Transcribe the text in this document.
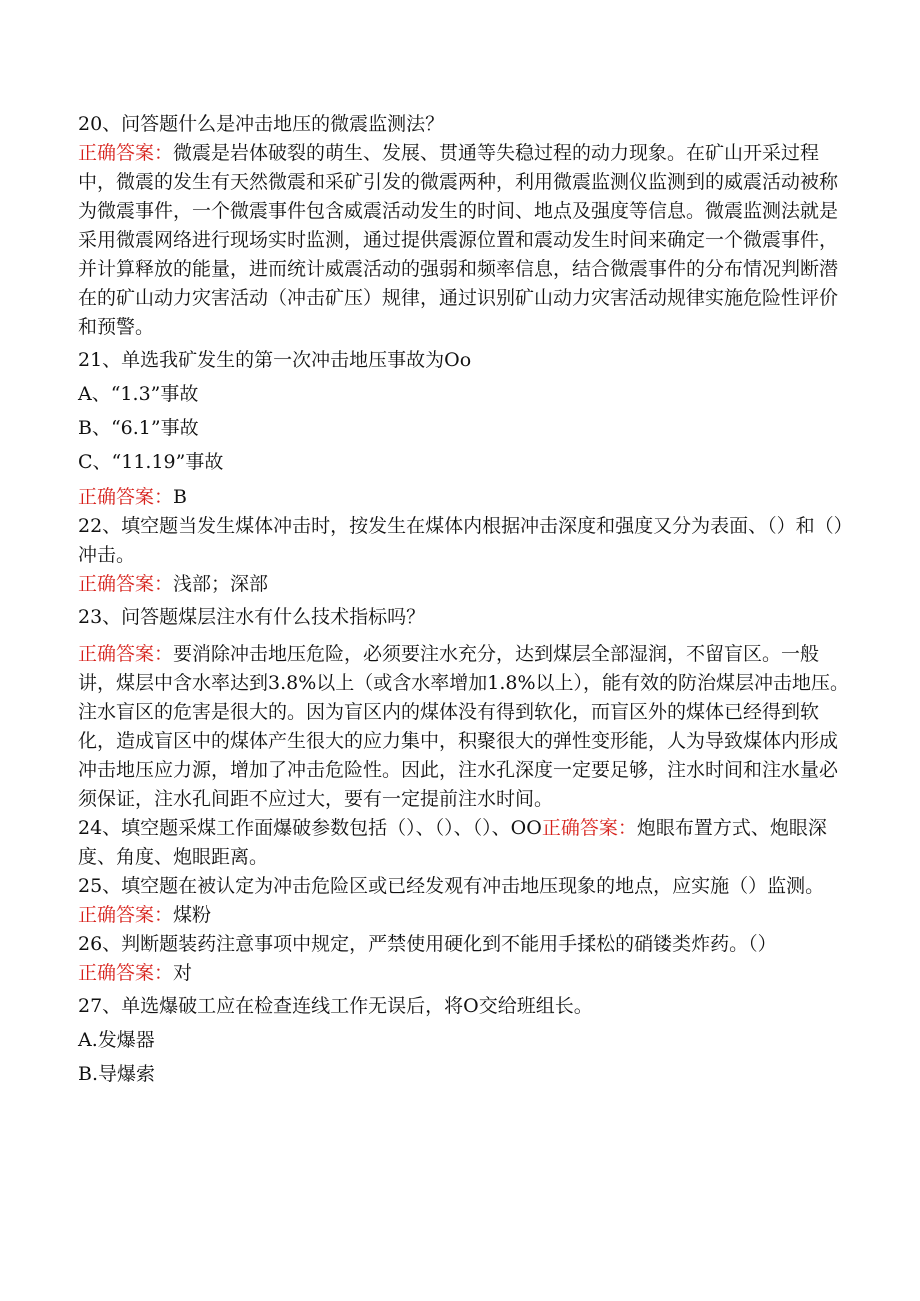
20、问答题什么是冲击地压的微震监测法？

正确答案：微震是岩体破裂的萌生、发展、贯通等失稳过程的动力现象。在矿山开采过程中，微震的发生有天然微震和采矿引发的微震两种，利用微震监测仪监测到的威震活动被称为微震事件，一个微震事件包含威震活动发生的时间、地点及强度等信息。微震监测法就是采用微震网络进行现场实时监测，通过提供震源位置和震动发生时间来确定一个微震事件，并计算释放的能量，进而统计威震活动的强弱和频率信息，结合微震事件的分布情况判断潜在的矿山动力灾害活动（冲击矿压）规律，通过识别矿山动力灾害活动规律实施危险性评价和预警。

21、单选我矿发生的第一次冲击地压事故为Oo

A、“1.3”事故

B、“6.1”事故

C、“11.19”事故

正确答案：B

22、填空题当发生煤体冲击时，按发生在煤体内根据冲击深度和强度又分为表面、（）和（）冲击。

正确答案：浅部；深部

23、问答题煤层注水有什么技术指标吗？

正确答案：要消除冲击地压危险，必须要注水充分，达到煤层全部湿润，不留盲区。一般讲，煤层中含水率达到3.8%以上（或含水率增加1.8%以上），能有效的防治煤层冲击地压。注水盲区的危害是很大的。因为盲区内的煤体没有得到软化，而盲区外的煤体已经得到软化，造成盲区中的煤体产生很大的应力集中，积聚很大的弹性变形能，人为导致煤体内形成冲击地压应力源，增加了冲击危险性。因此，注水孔深度一定要足够，注水时间和注水量必须保证，注水孔间距不应过大，要有一定提前注水时间。

24、填空题采煤工作面爆破参数包括（）、（）、（）、OO正确答案：炮眼布置方式、炮眼深度、角度、炮眼距离。

25、填空题在被认定为冲击危险区或已经发观有冲击地压现象的地点，应实施（）监测。

正确答案：煤粉

26、判断题装药注意事项中规定，严禁使用硬化到不能用手揉松的硝镂类炸药。（）

正确答案：对

27、单选爆破工应在检查连线工作无误后，将O交给班组长。

A.发爆器

B.导爆索
